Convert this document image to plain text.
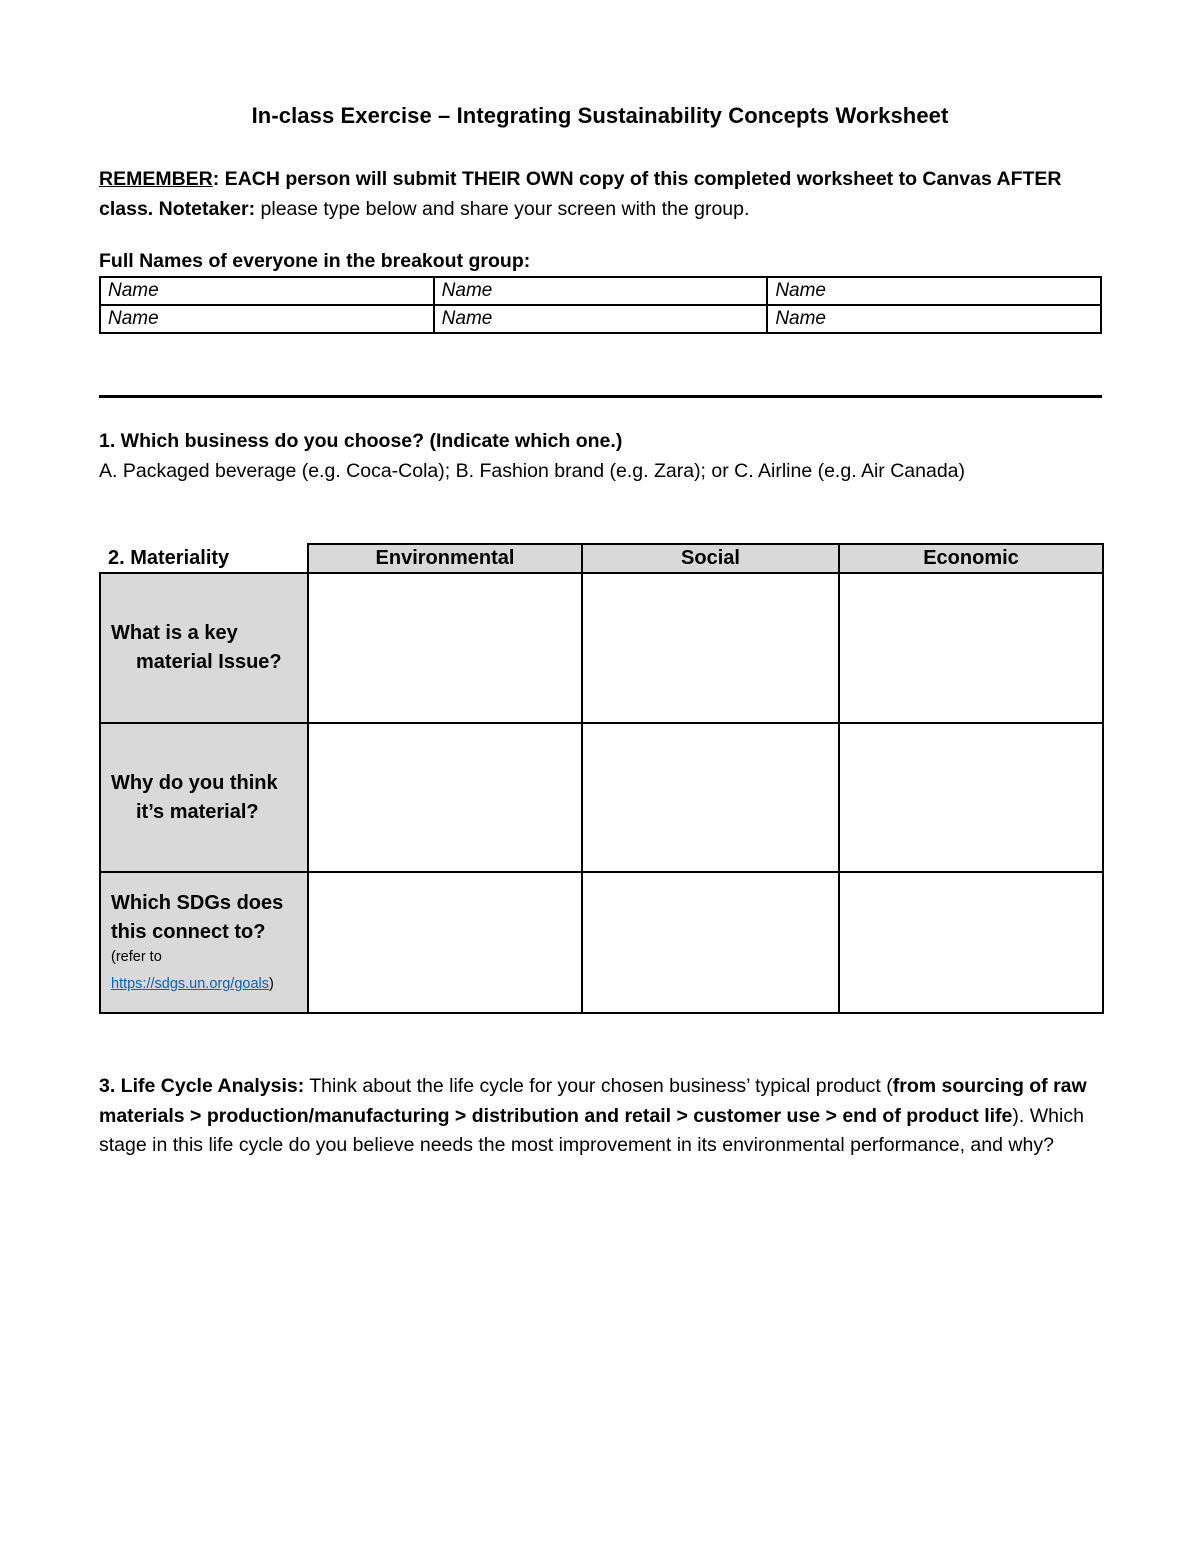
In-class Exercise – Integrating Sustainability Concepts Worksheet
REMEMBER: EACH person will submit THEIR OWN copy of this completed worksheet to Canvas AFTER class. Notetaker: please type below and share your screen with the group.
Full Names of everyone in the breakout group:
Name	Name	Name
Name	Name	Name
1. Which business do you choose? (Indicate which one.)
A. Packaged beverage (e.g. Coca-Cola); B. Fashion brand (e.g. Zara); or C. Airline (e.g. Air Canada)
2. Materiality	Environmental	Social	Economic
What is a key
material Issue?			

Why do you think
it’s material?			

Which SDGs does
this connect to?
(refer to
https://sdgs.un.org/goals)			
3. Life Cycle Analysis: Think about the life cycle for your chosen business’ typical product (from sourcing of raw materials > production/manufacturing > distribution and retail > customer use > end of product life). Which stage in this life cycle do you believe needs the most improvement in its environmental performance, and why?
